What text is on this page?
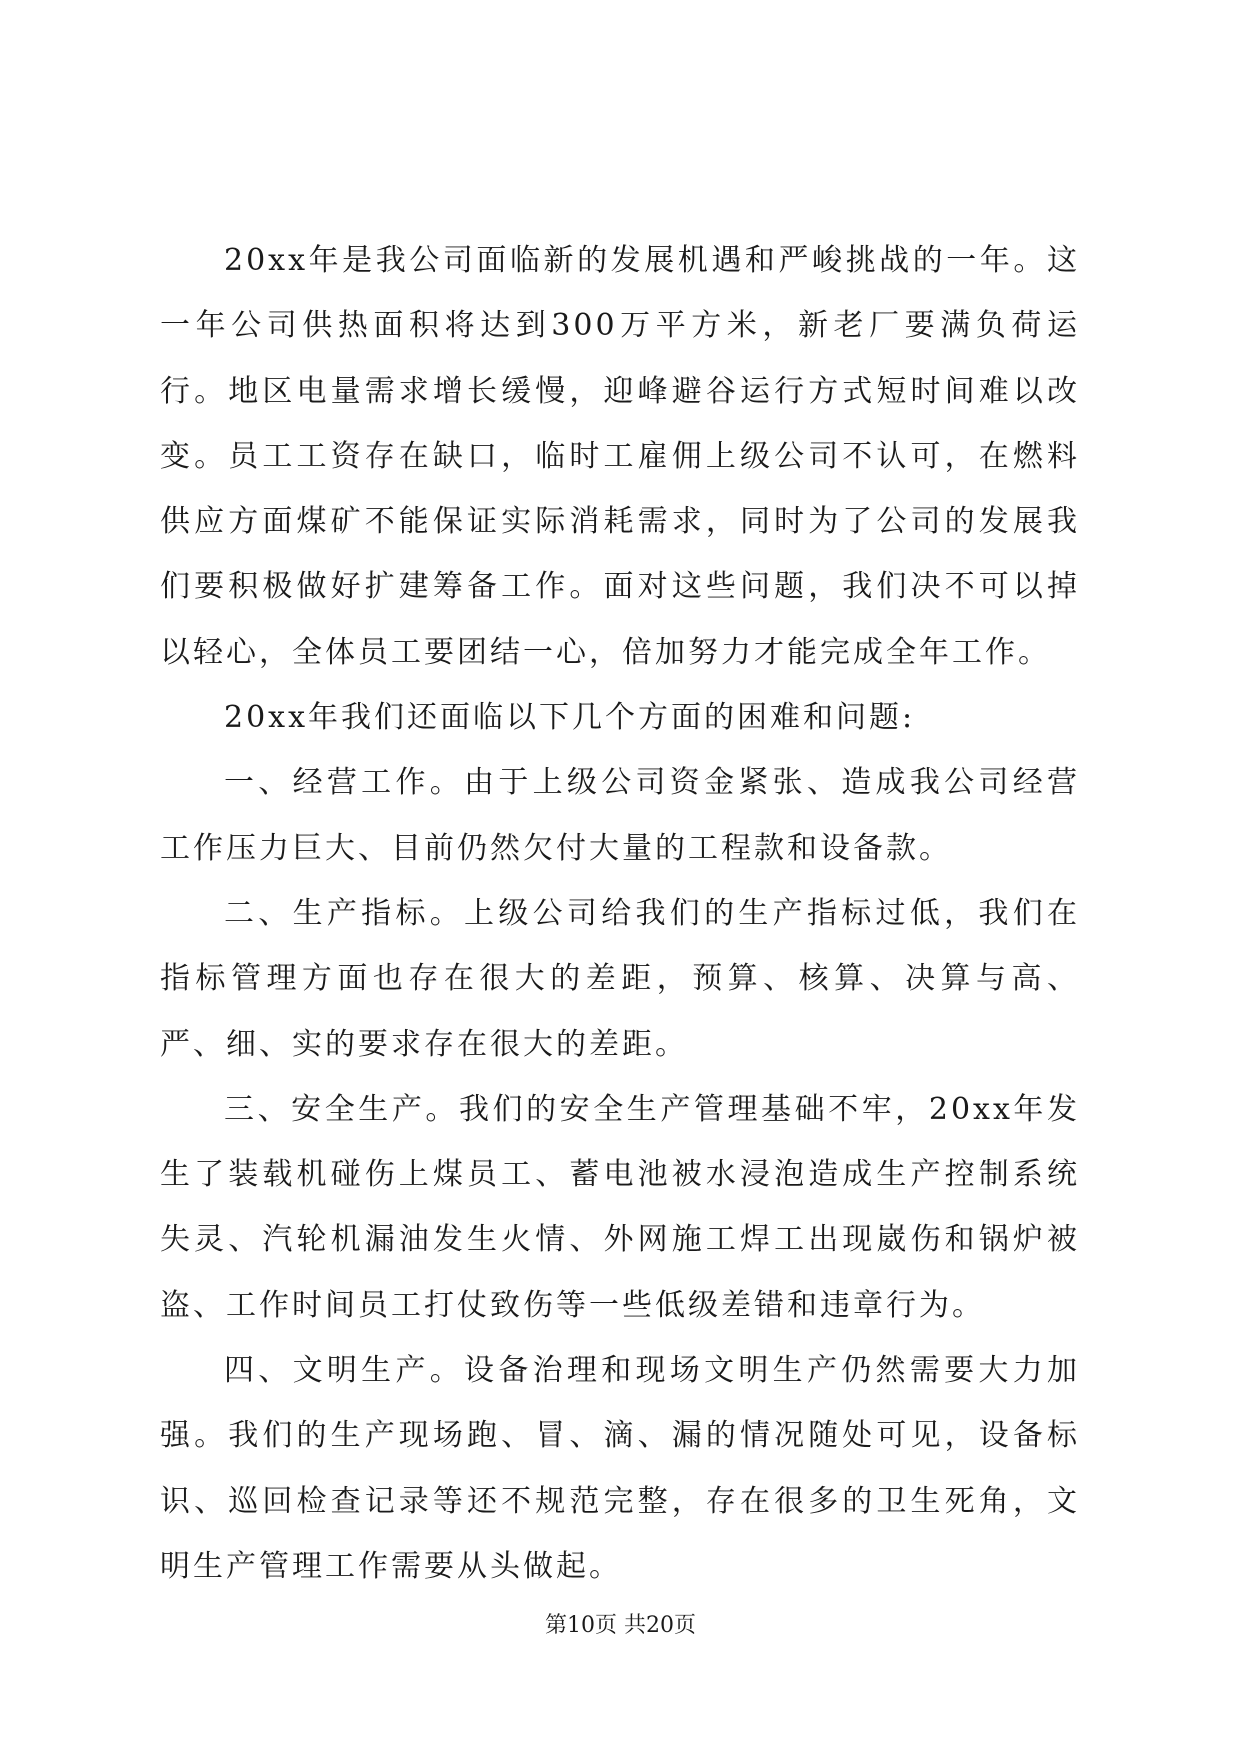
20xx年是我公司面临新的发展机遇和严峻挑战的一年。这一年公司供热面积将达到300万平方米，新老厂要满负荷运行。地区电量需求增长缓慢，迎峰避谷运行方式短时间难以改变。员工工资存在缺口，临时工雇佣上级公司不认可，在燃料供应方面煤矿不能保证实际消耗需求，同时为了公司的发展我们要积极做好扩建筹备工作。面对这些问题，我们决不可以掉以轻心，全体员工要团结一心，倍加努力才能完成全年工作。

20xx年我们还面临以下几个方面的困难和问题:

一、经营工作。由于上级公司资金紧张、造成我公司经营工作压力巨大、目前仍然欠付大量的工程款和设备款。

二、生产指标。上级公司给我们的生产指标过低，我们在指标管理方面也存在很大的差距，预算、核算、决算与高、严、细、实的要求存在很大的差距。

三、安全生产。我们的安全生产管理基础不牢，20xx年发生了装载机碰伤上煤员工、蓄电池被水浸泡造成生产控制系统失灵、汽轮机漏油发生火情、外网施工焊工出现崴伤和锅炉被盗、工作时间员工打仗致伤等一些低级差错和违章行为。

四、文明生产。设备治理和现场文明生产仍然需要大力加强。我们的生产现场跑、冒、滴、漏的情况随处可见，设备标识、巡回检查记录等还不规范完整，存在很多的卫生死角，文明生产管理工作需要从头做起。

第10页 共20页
